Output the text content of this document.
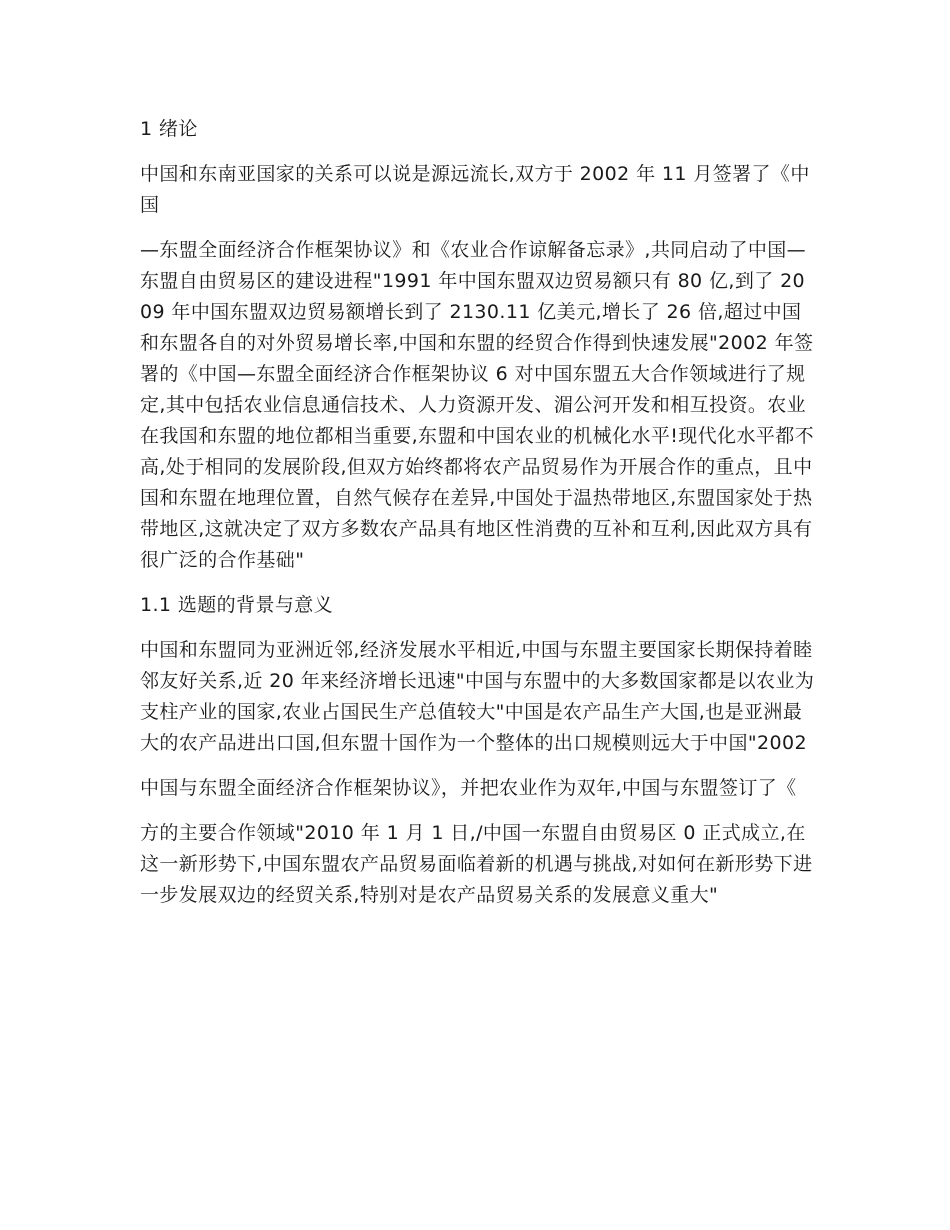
1 绪论

中国和东南亚国家的关系可以说是源远流长,双方于 2002 年 11 月签署了《中国

—东盟全面经济合作框架协议》和《农业合作谅解备忘录》,共同启动了中国—东盟自由贸易区的建设进程"1991 年中国东盟双边贸易额只有 80 亿,到了 2009 年中国东盟双边贸易额增长到了 2130.11 亿美元,增长了 26 倍,超过中国和东盟各自的对外贸易增长率,中国和东盟的经贸合作得到快速发展"2002 年签署的《中国—东盟全面经济合作框架协议 6 对中国东盟五大合作领域进行了规定,其中包括农业信息通信技术、人力资源开发、湄公河开发和相互投资。农业在我国和东盟的地位都相当重要,东盟和中国农业的机械化水平!现代化水平都不高,处于相同的发展阶段,但双方始终都将农产品贸易作为开展合作的重点，且中国和东盟在地理位置，自然气候存在差异,中国处于温热带地区,东盟国家处于热带地区,这就决定了双方多数农产品具有地区性消费的互补和互利,因此双方具有很广泛的合作基础"

1.1 选题的背景与意义

中国和东盟同为亚洲近邻,经济发展水平相近,中国与东盟主要国家长期保持着睦邻友好关系,近 20 年来经济增长迅速"中国与东盟中的大多数国家都是以农业为支柱产业的国家,农业占国民生产总值较大"中国是农产品生产大国,也是亚洲最大的农产品进出口国,但东盟十国作为一个整体的出口规模则远大于中国"2002

中国与东盟全面经济合作框架协议》，并把农业作为双年,中国与东盟签订了《

方的主要合作领域"2010 年 1 月 1 日,/中国一东盟自由贸易区 0 正式成立,在这一新形势下,中国东盟农产品贸易面临着新的机遇与挑战,对如何在新形势下进一步发展双边的经贸关系,特别对是农产品贸易关系的发展意义重大"
